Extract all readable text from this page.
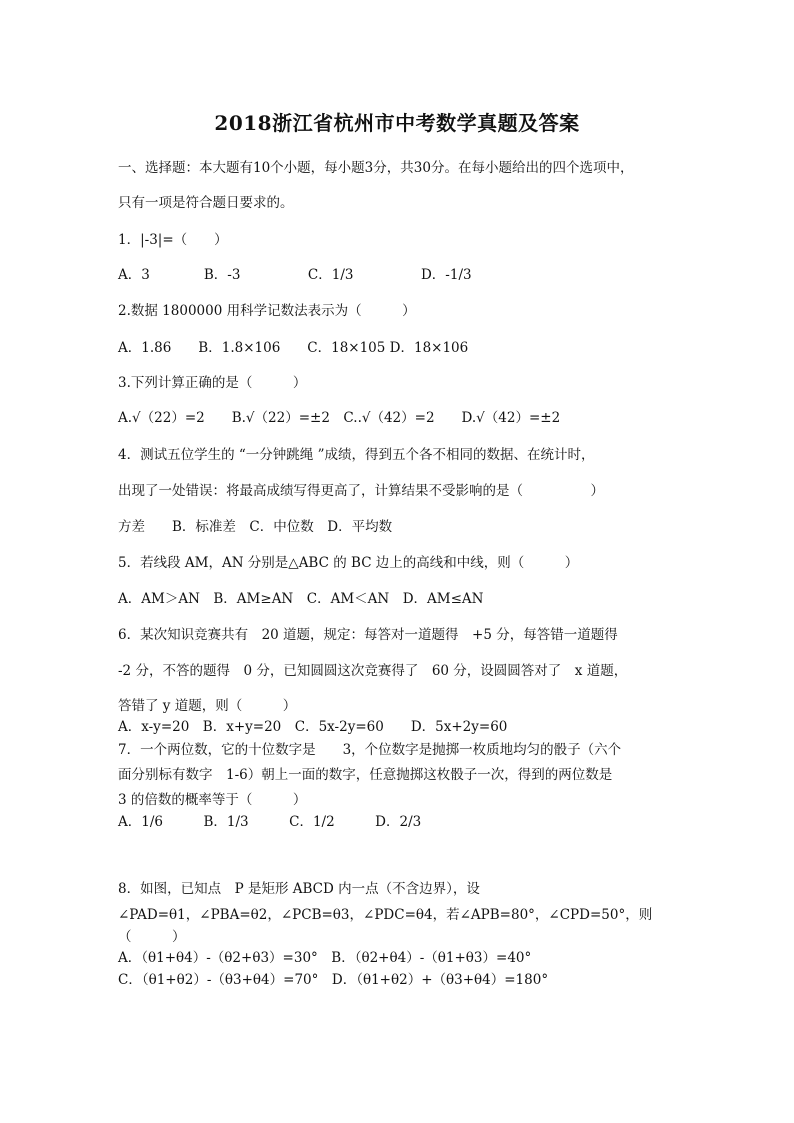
2018浙江省杭州市中考数学真题及答案
一、选择题：本大题有10个小题，每小题3分，共30分。在每小题给出的四个选项中，
只有一项是符合题日要求的。
1．|-3|=（　　）
A．3　　　　B．-3　　　　　C．1/3　　　　　D．-1/3
2.数据 1800000 用科学记数法表示为（　　　）
A．1.86　　B．1.8×106　　C．18×105 D．18×106
3.下列计算正确的是（　　　）
A.√（22）=2　　B.√（22）=±2　C..√（42）=2　　D.√（42）=±2
4．测试五位学生的 “一分钟跳绳 ”成绩，得到五个各不相同的数据、在统计时，
出现了一处错误：将最高成绩写得更高了，计算结果不受影响的是（　　　　　）
方差　　B．标准差　C．中位数　D．平均数
5．若线段 AM，AN 分别是△ABC 的 BC 边上的高线和中线，则（　　　）
A．AM＞AN　B．AM≥AN　C．AM＜AN　D．AM≤AN
6．某次知识竞赛共有　20 道题，规定：每答对一道题得　+5 分，每答错一道题得
-2 分，不答的题得　0 分，已知圆圆这次竞赛得了　60 分，设圆圆答对了　x 道题，
答错了 y 道题，则（　　　）
A．x-y=20　B．x+y=20　C．5x-2y=60　　D．5x+2y=60
7．一个两位数，它的十位数字是　　3，个位数字是抛掷一枚质地均匀的骰子（六个
面分别标有数字　1-6）朝上一面的数字，任意抛掷这枚骰子一次，得到的两位数是
3 的倍数的概率等于（　　　）
A．1/6　　　B．1/3　　　C．1/2　　　D．2/3
8．如图，已知点　P 是矩形 ABCD 内一点（不含边界），设
∠PAD=θ1，∠PBA=θ2，∠PCB=θ3，∠PDC=θ4，若∠APB=80°，∠CPD=50°，则
（　　　）
A．（θ1+θ4）-（θ2+θ3）=30°　B．（θ2+θ4）-（θ1+θ3）=40°
C．（θ1+θ2）-（θ3+θ4）=70°　D．（θ1+θ2）+（θ3+θ4）=180°
